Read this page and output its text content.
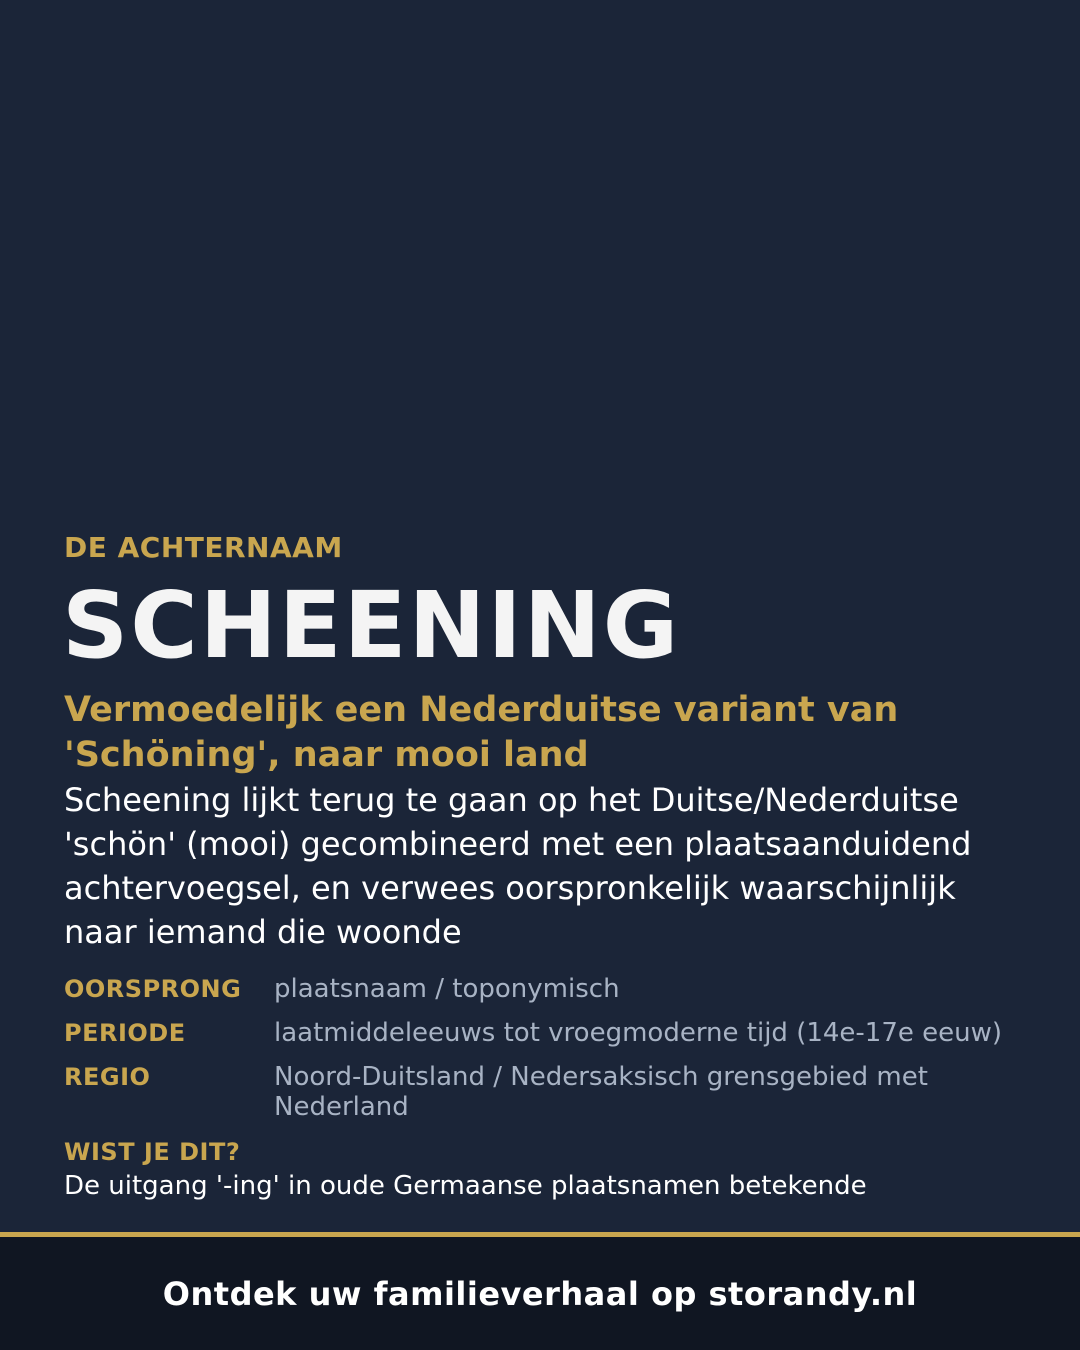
DE ACHTERNAAM

SCHEENING
Vermoedelijk een Nederduitse variant van 'Schöning', naar mooi land

Scheening lijkt terug te gaan op het Duitse/Nederduitse 'schön' (mooi) gecombineerd met een plaatsaanduidend achtervoegsel, en verwees oorspronkelijk waarschijnlijk naar iemand die woonde

OORSPRONG	plaatsnaam / toponymisch
PERIODE	laatmiddeleeuws tot vroegmoderne tijd (14e-17e eeuw)
REGIO	Noord-Duitsland / Nedersaksisch grensgebied met Nederland
WIST JE DIT?
De uitgang '-ing' in oude Germaanse plaatsnamen betekende
Ontdek uw familieverhaal op storandy.nl
